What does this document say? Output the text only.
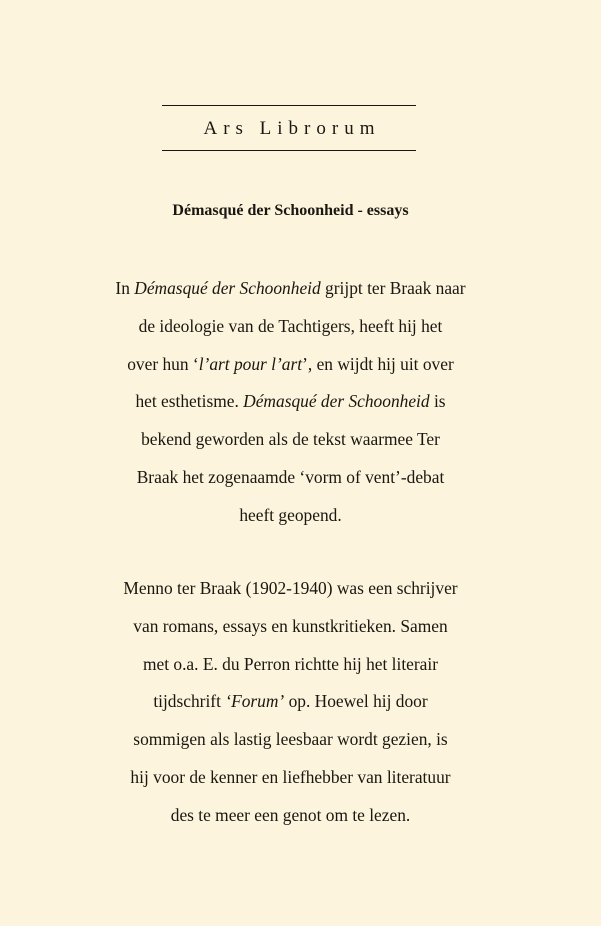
Ars Librorum
Démasqué der Schoonheid - essays

In Démasqué der Schoonheid grijpt ter Braak naar
de ideologie van de Tachtigers, heeft hij het
over hun ‘l’art pour l’art’, en wijdt hij uit over
het esthetisme. Démasqué der Schoonheid is
bekend geworden als de tekst waarmee Ter
Braak het zogenaamde ‘vorm of vent’-debat
heeft geopend.

Menno ter Braak (1902-1940) was een schrijver
van romans, essays en kunstkritieken. Samen
met o.a. E. du Perron richtte hij het literair
tijdschrift ‘Forum’ op. Hoewel hij door
sommigen als lastig leesbaar wordt gezien, is
hij voor de kenner en liefhebber van literatuur
des te meer een genot om te lezen.
